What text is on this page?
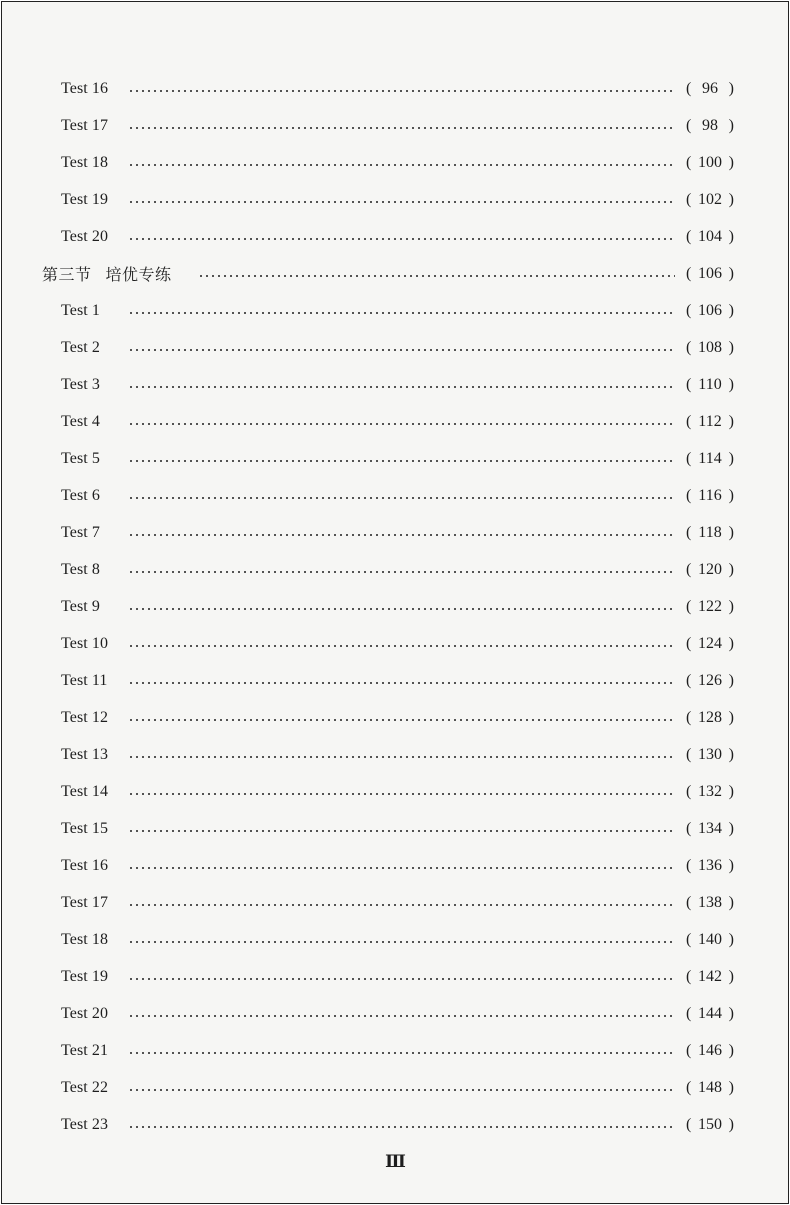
Test 16	( 96 )
Test 17	( 98 )
Test 18	( 100 )
Test 19	( 102 )
Test 20	( 104 )
第三节 培优专练	( 106 )
Test 1	( 106 )
Test 2	( 108 )
Test 3	( 110 )
Test 4	( 112 )
Test 5	( 114 )
Test 6	( 116 )
Test 7	( 118 )
Test 8	( 120 )
Test 9	( 122 )
Test 10	( 124 )
Test 11	( 126 )
Test 12	( 128 )
Test 13	( 130 )
Test 14	( 132 )
Test 15	( 134 )
Test 16	( 136 )
Test 17	( 138 )
Test 18	( 140 )
Test 19	( 142 )
Test 20	( 144 )
Test 21	( 146 )
Test 22	( 148 )
Test 23	( 150 )
Ⅲ
